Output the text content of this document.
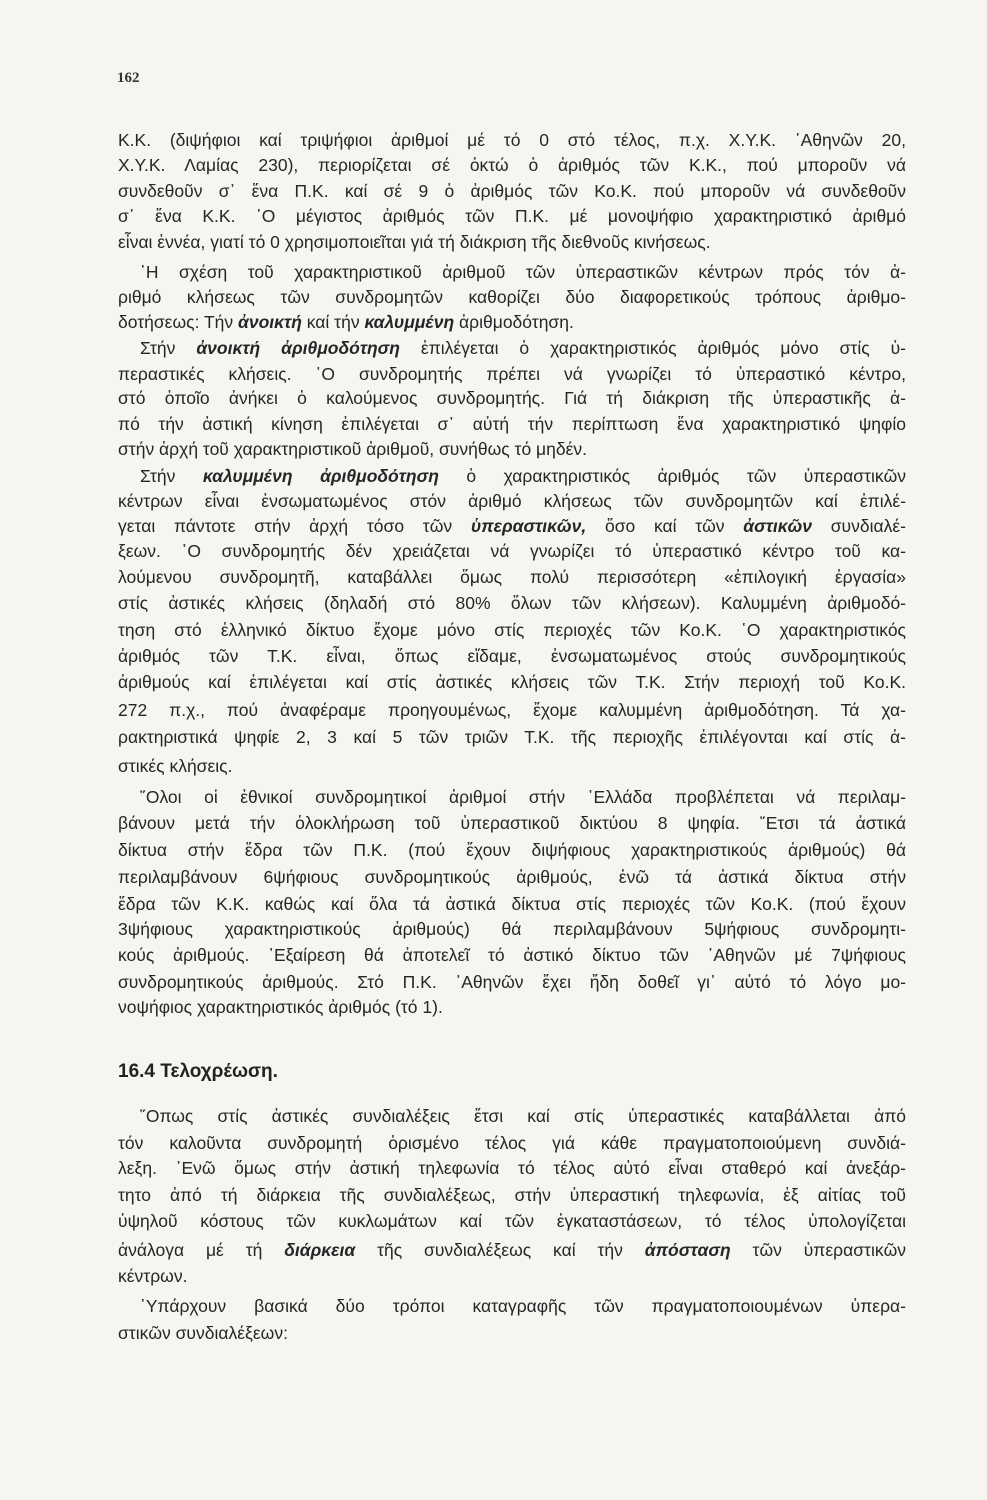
162
16.4 Τελοχρέωση.
Κ.Κ. (διψήφιοι καί τριψήφιοι ἀριθμοί μέ τό 0 στό τέλος, π.χ. Χ.Υ.Κ. ᾿Αθηνῶν 20,
Χ.Υ.Κ. Λαμίας 230), περιορίζεται σέ ὀκτώ ὁ ἀριθμός τῶν Κ.Κ., πού μποροῦν νά
συνδεθοῦν σ᾿ ἕνα Π.Κ. καί σέ 9 ὁ ἀριθμός τῶν Κο.Κ. πού μποροῦν νά συνδεθοῦν
σ᾿ ἕνα Κ.Κ. ῾Ο μέγιστος ἀριθμός τῶν Π.Κ. μέ μονοψήφιο χαρακτηριστικό ἀριθμό
εἶναι ἐννέα, γιατί τό 0 χρησιμοποιεῖται γιά τή διάκριση τῆς διεθνοῦς κινήσεως.
῾Η σχέση τοῦ χαρακτηριστικοῦ ἀριθμοῦ τῶν ὑπεραστικῶν κέντρων πρός τόν ἀ-
ριθμό κλήσεως τῶν συνδρομητῶν καθορίζει δύο διαφορετικούς τρόπους ἀριθμο-
δοτήσεως: Τήν ἀνοικτή καί τήν καλυμμένη ἀριθμοδότηση.
Στήν ἀνοικτή ἀριθμοδότηση ἐπιλέγεται ὁ χαρακτηριστικός ἀριθμός μόνο στίς ὑ-
περαστικές κλήσεις. ῾Ο συνδρομητής πρέπει νά γνωρίζει τό ὑπεραστικό κέντρο,
στό ὁποῖο ἀνήκει ὁ καλούμενος συνδρομητής. Γιά τή διάκριση τῆς ὑπεραστικῆς ἀ-
πό τήν ἀστική κίνηση ἐπιλέγεται σ᾿ αὐτή τήν περίπτωση ἕνα χαρακτηριστικό ψηφίο
στήν ἀρχή τοῦ χαρακτηριστικοῦ ἀριθμοῦ, συνήθως τό μηδέν.
Στήν καλυμμένη ἀριθμοδότηση ὁ χαρακτηριστικός ἀριθμός τῶν ὑπεραστικῶν
κέντρων εἶναι ἐνσωματωμένος στόν ἀριθμό κλήσεως τῶν συνδρομητῶν καί ἐπιλέ-
γεται πάντοτε στήν ἀρχή τόσο τῶν ὑπεραστικῶν, ὅσο καί τῶν ἀστικῶν συνδιαλέ-
ξεων. ῾Ο συνδρομητής δέν χρειάζεται νά γνωρίζει τό ὑπεραστικό κέντρο τοῦ κα-
λούμενου συνδρομητῆ, καταβάλλει ὅμως πολύ περισσότερη «ἐπιλογική ἐργασία»
στίς ἀστικές κλήσεις (δηλαδή στό 80% ὅλων τῶν κλήσεων). Καλυμμένη ἀριθμοδό-
τηση στό ἑλληνικό δίκτυο ἔχομε μόνο στίς περιοχές τῶν Κο.Κ. ῾Ο χαρακτηριστικός
ἀριθμός τῶν Τ.Κ. εἶναι, ὅπως εἴδαμε, ἐνσωματωμένος στούς συνδρομητικούς
ἀριθμούς καί ἐπιλέγεται καί στίς ἀστικές κλήσεις τῶν Τ.Κ. Στήν περιοχή τοῦ Κο.Κ.
272 π.χ., πού ἀναφέραμε προηγουμένως, ἔχομε καλυμμένη ἀριθμοδότηση. Τά χα-
ρακτηριστικά ψηφίε 2, 3 καί 5 τῶν τριῶν Τ.Κ. τῆς περιοχῆς ἐπιλέγονται καί στίς ἀ-
στικές κλήσεις.
῞Ολοι οἱ ἐθνικοί συνδρομητικοί ἀριθμοί στήν ῾Ελλάδα προβλέπεται νά περιλαμ-
βάνουν μετά τήν ὁλοκλήρωση τοῦ ὑπεραστικοῦ δικτύου 8 ψηφία. ῎Ετσι τά ἀστικά
δίκτυα στήν ἕδρα τῶν Π.Κ. (πού ἔχουν διψήφιους χαρακτηριστικούς ἀριθμούς) θά
περιλαμβάνουν 6ψήφιους συνδρομητικούς ἀριθμούς, ἐνῶ τά ἀστικά δίκτυα στήν
ἕδρα τῶν Κ.Κ. καθώς καί ὅλα τά ἀστικά δίκτυα στίς περιοχές τῶν Κο.Κ. (πού ἔχουν
3ψήφιους χαρακτηριστικούς ἀριθμούς) θά περιλαμβάνουν 5ψήφιους συνδρομητι-
κούς ἀριθμούς. ᾿Εξαίρεση θά ἀποτελεῖ τό ἀστικό δίκτυο τῶν ᾿Αθηνῶν μέ 7ψήφιους
συνδρομητικούς ἀριθμούς. Στό Π.Κ. ᾿Αθηνῶν ἔχει ἤδη δοθεῖ γι᾿ αὐτό τό λόγο μο-
νοψήφιος χαρακτηριστικός ἀριθμός (τό 1).
῞Οπως στίς ἀστικές συνδιαλέξεις ἔτσι καί στίς ὑπεραστικές καταβάλλεται ἀπό
τόν καλοῦντα συνδρομητή ὁρισμένο τέλος γιά κάθε πραγματοποιούμενη συνδιά-
λεξη. ᾿Ενῶ ὅμως στήν ἀστική τηλεφωνία τό τέλος αὐτό εἶναι σταθερό καί ἀνεξάρ-
τητο ἀπό τή διάρκεια τῆς συνδιαλέξεως, στήν ὑπεραστική τηλεφωνία, ἐξ αἰτίας τοῦ
ὑψηλοῦ κόστους τῶν κυκλωμάτων καί τῶν ἐγκαταστάσεων, τό τέλος ὑπολογίζεται
ἀνάλογα μέ τή διάρκεια τῆς συνδιαλέξεως καί τήν ἀπόσταση τῶν ὑπεραστικῶν
κέντρων.
῾Υπάρχουν βασικά δύο τρόποι καταγραφῆς τῶν πραγματοποιουμένων ὑπερα-
στικῶν συνδιαλέξεων:
